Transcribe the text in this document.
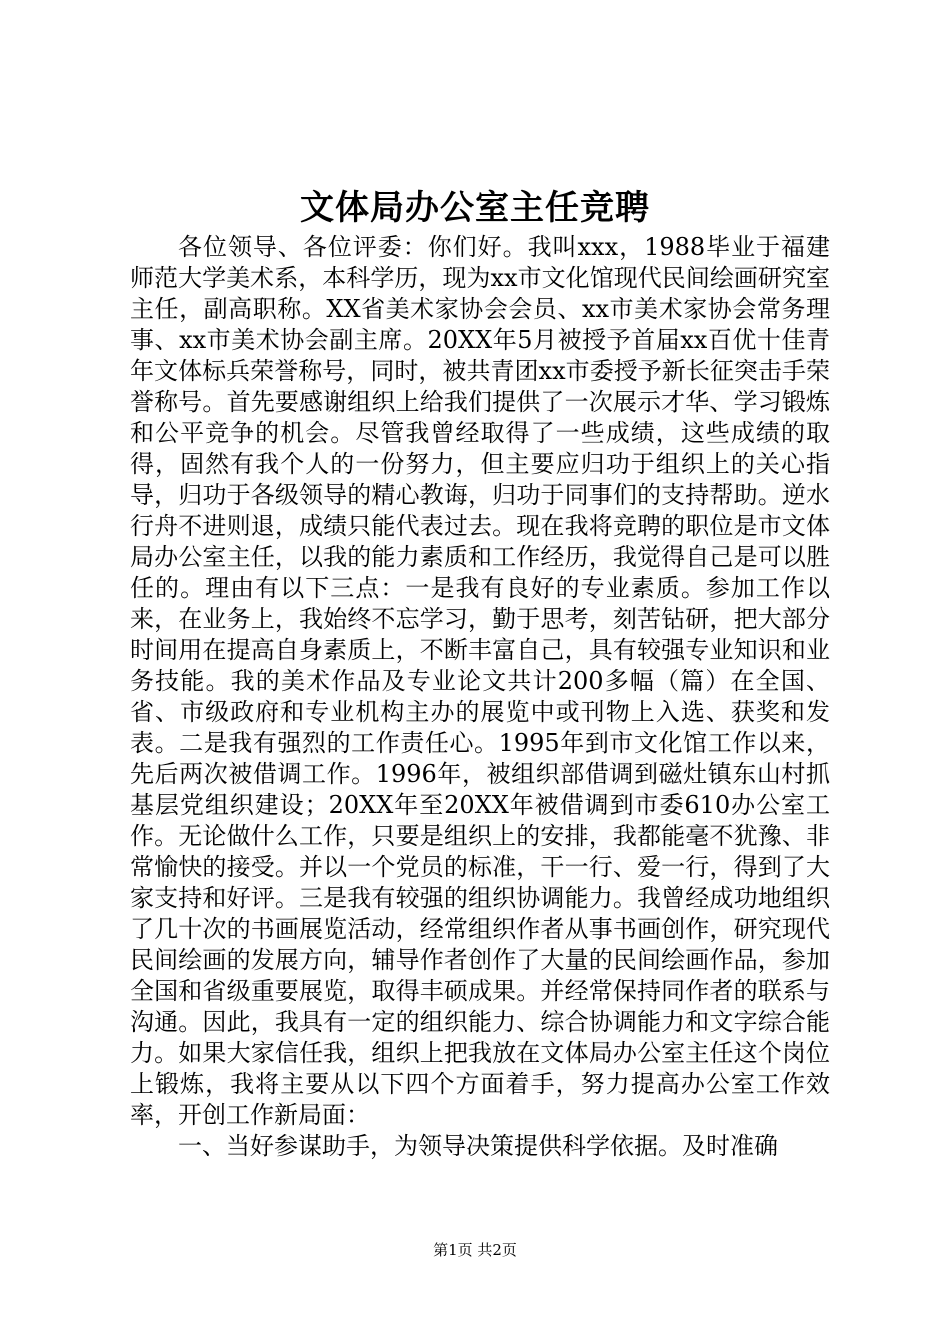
文体局办公室主任竞聘

各位领导、各位评委：你们好。我叫xxx，1988毕业于福建师范大学美术系，本科学历，现为xx市文化馆现代民间绘画研究室主任，副高职称。XX省美术家协会会员、xx市美术家协会常务理事、xx市美术协会副主席。20XX年5月被授予首届xx百优十佳青年文体标兵荣誉称号，同时，被共青团xx市委授予新长征突击手荣誉称号。首先要感谢组织上给我们提供了一次展示才华、学习锻炼和公平竞争的机会。尽管我曾经取得了一些成绩，这些成绩的取得，固然有我个人的一份努力，但主要应归功于组织上的关心指导，归功于各级领导的精心教诲，归功于同事们的支持帮助。逆水行舟不进则退，成绩只能代表过去。现在我将竞聘的职位是市文体局办公室主任，以我的能力素质和工作经历，我觉得自己是可以胜任的。理由有以下三点：一是我有良好的专业素质。参加工作以来，在业务上，我始终不忘学习，勤于思考，刻苦钻研，把大部分时间用在提高自身素质上，不断丰富自己，具有较强专业知识和业务技能。我的美术作品及专业论文共计200多幅（篇）在全国、省、市级政府和专业机构主办的展览中或刊物上入选、获奖和发表。二是我有强烈的工作责任心。1995年到市文化馆工作以来，先后两次被借调工作。1996年，被组织部借调到磁灶镇东山村抓基层党组织建设；20XX年至20XX年被借调到市委610办公室工作。无论做什么工作，只要是组织上的安排，我都能毫不犹豫、非常愉快的接受。并以一个党员的标准，干一行、爱一行，得到了大家支持和好评。三是我有较强的组织协调能力。我曾经成功地组织了几十次的书画展览活动，经常组织作者从事书画创作，研究现代民间绘画的发展方向，辅导作者创作了大量的民间绘画作品，参加全国和省级重要展览，取得丰硕成果。并经常保持同作者的联系与沟通。因此，我具有一定的组织能力、综合协调能力和文字综合能力。如果大家信任我，组织上把我放在文体局办公室主任这个岗位上锻炼，我将主要从以下四个方面着手，努力提高办公室工作效率，开创工作新局面：

一、当好参谋助手，为领导决策提供科学依据。及时准确

第1页 共2页
